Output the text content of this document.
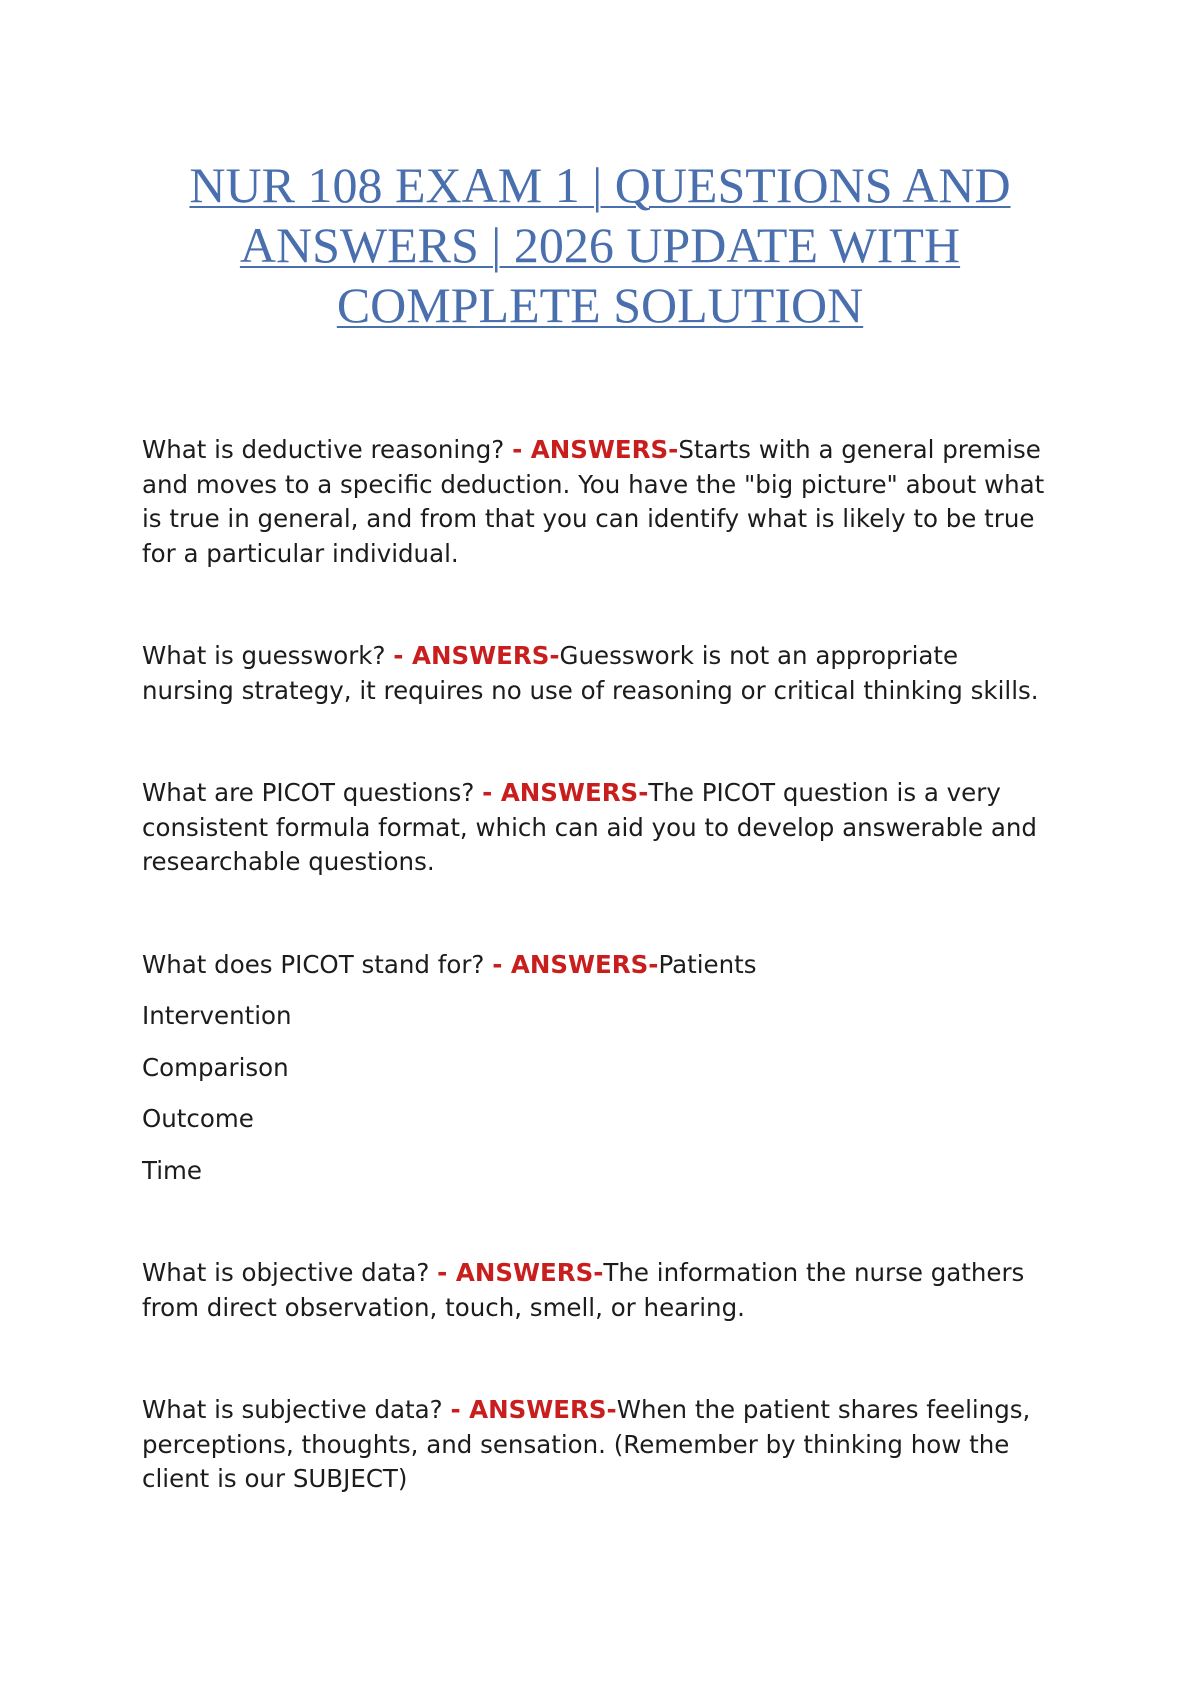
NUR 108 EXAM 1 | QUESTIONS AND ANSWERS | 2026 UPDATE WITH COMPLETE SOLUTION

What is deductive reasoning? - ANSWERS-Starts with a general premise and moves to a specific deduction. You have the "big picture" about what is true in general, and from that you can identify what is likely to be true for a particular individual.

What is guesswork? - ANSWERS-Guesswork is not an appropriate nursing strategy, it requires no use of reasoning or critical thinking skills.

What are PICOT questions? - ANSWERS-The PICOT question is a very consistent formula format, which can aid you to develop answerable and researchable questions.

What does PICOT stand for? - ANSWERS-Patients

Intervention

Comparison

Outcome

Time

What is objective data? - ANSWERS-The information the nurse gathers from direct observation, touch, smell, or hearing.

What is subjective data? - ANSWERS-When the patient shares feelings, perceptions, thoughts, and sensation. (Remember by thinking how the client is our SUBJECT)
